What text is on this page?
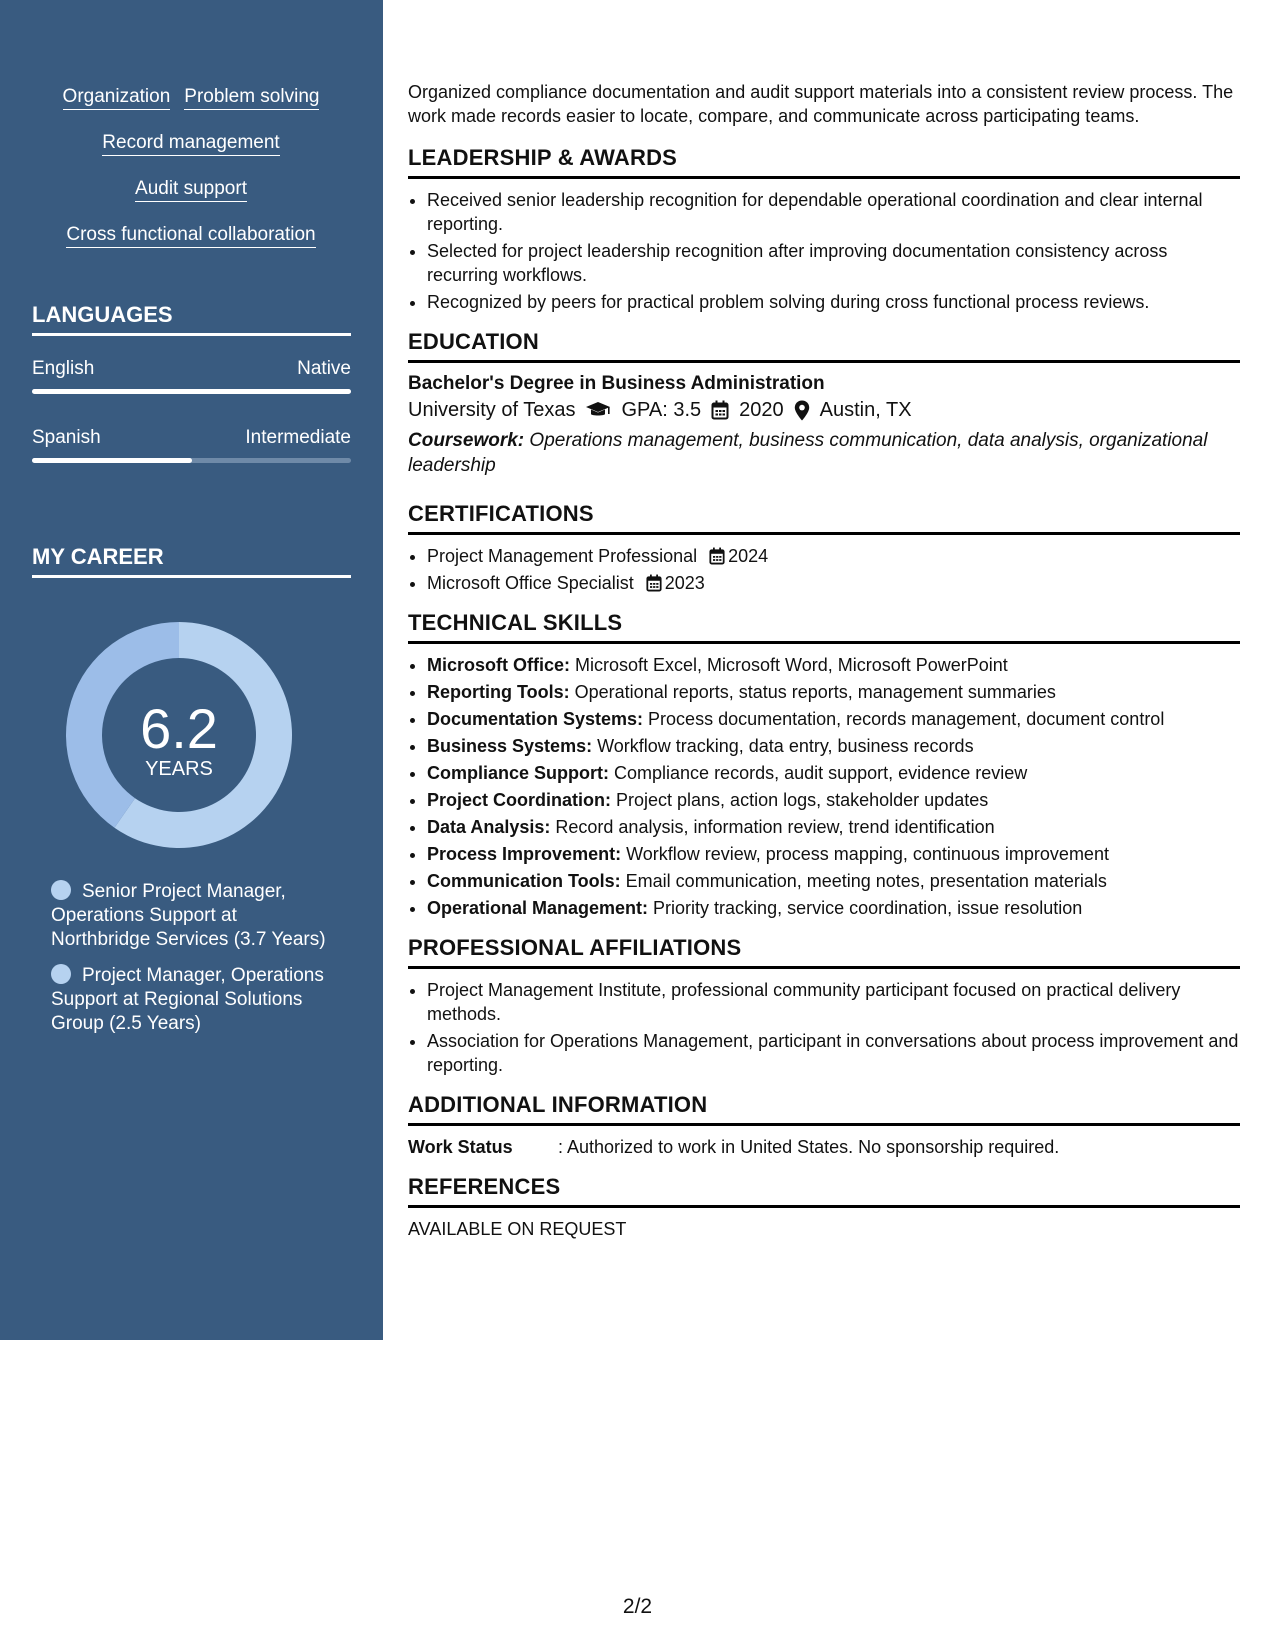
Organization Problem solving
Record management
Audit support
Cross functional collaboration
LANGUAGES
English	Native
Spanish	Intermediate
MY CAREER
6.2
YEARS
Senior Project Manager, Operations Support at Northbridge Services (3.7 Years)
Project Manager, Operations Support at Regional Solutions Group (2.5 Years)

Organized compliance documentation and audit support materials into a consistent review process. The work made records easier to locate, compare, and communicate across participating teams.

LEADERSHIP & AWARDS
• Received senior leadership recognition for dependable operational coordination and clear internal reporting.
• Selected for project leadership recognition after improving documentation consistency across recurring workflows.
• Recognized by peers for practical problem solving during cross functional process reviews.
EDUCATION
Bachelor's Degree in Business Administration
University of Texas GPA: 3.5 2020 Austin, TX
Coursework: Operations management, business communication, data analysis, organizational leadership
CERTIFICATIONS
• Project Management Professional 2024
• Microsoft Office Specialist 2023
TECHNICAL SKILLS
• Microsoft Office: Microsoft Excel, Microsoft Word, Microsoft PowerPoint
• Reporting Tools: Operational reports, status reports, management summaries
• Documentation Systems: Process documentation, records management, document control
• Business Systems: Workflow tracking, data entry, business records
• Compliance Support: Compliance records, audit support, evidence review
• Project Coordination: Project plans, action logs, stakeholder updates
• Data Analysis: Record analysis, information review, trend identification
• Process Improvement: Workflow review, process mapping, continuous improvement
• Communication Tools: Email communication, meeting notes, presentation materials
• Operational Management: Priority tracking, service coordination, issue resolution
PROFESSIONAL AFFILIATIONS
• Project Management Institute, professional community participant focused on practical delivery methods.
• Association for Operations Management, participant in conversations about process improvement and reporting.
ADDITIONAL INFORMATION
Work Status	: Authorized to work in United States. No sponsorship required.
REFERENCES
AVAILABLE ON REQUEST
2/2
